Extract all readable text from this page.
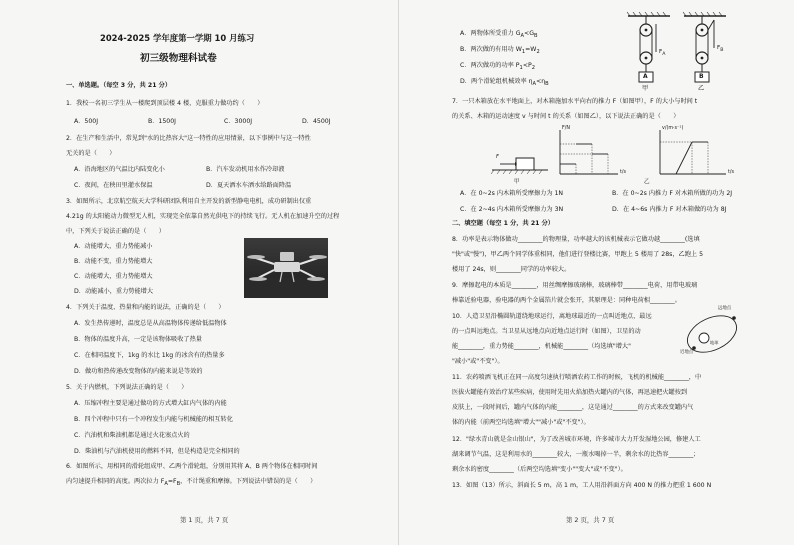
2024-2025 学年度第一学期 10 月练习
初三级物理科试卷
一、单选题。（每空 3 分，共 21 分）
1．我校一名初三学生从一楼爬到顶层楼 4 楼，克服重力做功约（　　）
A．500J	B．1500J	C．3000J	D．4500J
2．在生产和生活中，常见到"水的比热容大"这一特性的应用情景，以下事例中与这一特性
无关的是（　　）
A．沿海地区的气温比内陆变化小	B．汽车发动机用水作冷却液
C．夜间，在秧田里灌水保温	D．夏天洒水车洒水给路面降温
3．如图所示，北京航空航天大学科研团队利用自主开发的新型静电电机，成功研制出仅重
4.21g 的太阳能动力微型无人机，实现完全依靠自然光供电下的持续飞行。无人机在加速升空的过程
中，下列关于说法正确的是（　　）
A．动能增大，重力势能减小
B．动能不变，重力势能增大
C．动能增大，重力势能增大
D．动能减小，重力势能增大
4．下列关于温度、热量和内能的说法，正确的是（　　）
A．发生热传递时，温度总是从高温物体传递给低温物体
B．物体的温度升高，一定是该物体吸收了热量
C．在相同温度下，1kg 的水比 1kg 的冰含有的热量多
D．做功和热传递改变物体的内能来说是等效的
5．关于内燃机，下列说法正确的是（　　）
A．压缩冲程主要是通过做功的方式增大缸内气体的内能
B．四个冲程中只有一个冲程发生内能与机械能的相互转化
C．汽油机和柴油机都是通过火花塞点火的
D．柴油机与汽油机使用的燃料不同，但是构造是完全相同的
6．如图所示，用相同的滑轮组成甲、乙两个滑轮组，分别用其将 A、B 两个物体在相同时间
内匀速提升相同的高度。两次拉力 $F_A=F_B$，不计绳重和摩擦。下列说法中错误的是（　　）
第 1 页，共 7 页
A．两物体所受重力 $G_A<G_B$
B．两次做的有用功 $W_1=W_2$
C．两次做功的功率 $P_1<P_2$
D．两个滑轮组机械效率 $\eta_A<\eta_B$
$F_A$
$F_B$
A	B
甲	乙
7．一只木箱放在水平地面上，对木箱施加水平向右的推力 F（如图甲），F 的大小与时间 t
的关系、木箱的运动速度 v 与时间 t 的关系（如图乙），以下说法正确的是（　　）
F
F/N	v/(m·s⁻¹)
t/s	t/s
甲	乙
A．在 0~2s 内木箱所受摩擦力为 1N	B．在 0~2s 内推力 F 对木箱所做的功为 2J
C．在 2~4s 内木箱所受摩擦力为 3N	D．在 4~6s 内推力 F 对木箱做的功为 8J
二、填空题（每空 1 分，共 21 分）
8．功率是表示物体做功________的物理量，功率越大的该机械表示它做功越________(选填
"快"或"慢")，甲乙两个同学体重相同，他们进行登楼比赛，甲跑上 5 楼用了 28s，乙跑上 5
楼用了 24s，则________同学的功率较大。
9．摩擦起电的本质是________，用丝绸摩擦玻璃棒，玻璃棒带________电荷，用带电玻璃
棒靠近验电器，验电器的两个金属箔片就会张开，其原理是：同种电荷相________。
10．人造卫星沿椭圆轨道绕地球运行，离地球最近的一点叫近地点，最远
的一点叫远地点。当卫星从远地点向近地点运行时（如图），卫星的动
能________，重力势能________，机械能________（均选填"增大"
"减小"或"不变"）。
远地点
近地点
地球
11．农药喷洒飞机正在同一高度匀速执行喷洒农药工作的时候，飞机的机械能________，中
医拔火罐能有效治疗某些疾病，使用时先用火焰加热火罐内的气体，再迅速把火罐按到
皮肤上，一段时间后，罐内气体的内能________，这是通过________的方式来改变罐内气
体的内能（前两空均选填"增大""减小"或"不变"）。
12．"绿水青山就是金山银山"，为了改善城市环境，许多城市大力开发湿地公园，修建人工
湖来调节气温，这是利用水的________较大，一瓶水喝掉一半，剩余水的比热容________；
剩余水的密度________（后两空均选填"变小""变大"或"不变"）。
13．如图（13）所示，斜面长 5 m，高 1 m，工人用沿斜面方向 400 N 的推力把重 1 600 N
第 2 页，共 7 页
